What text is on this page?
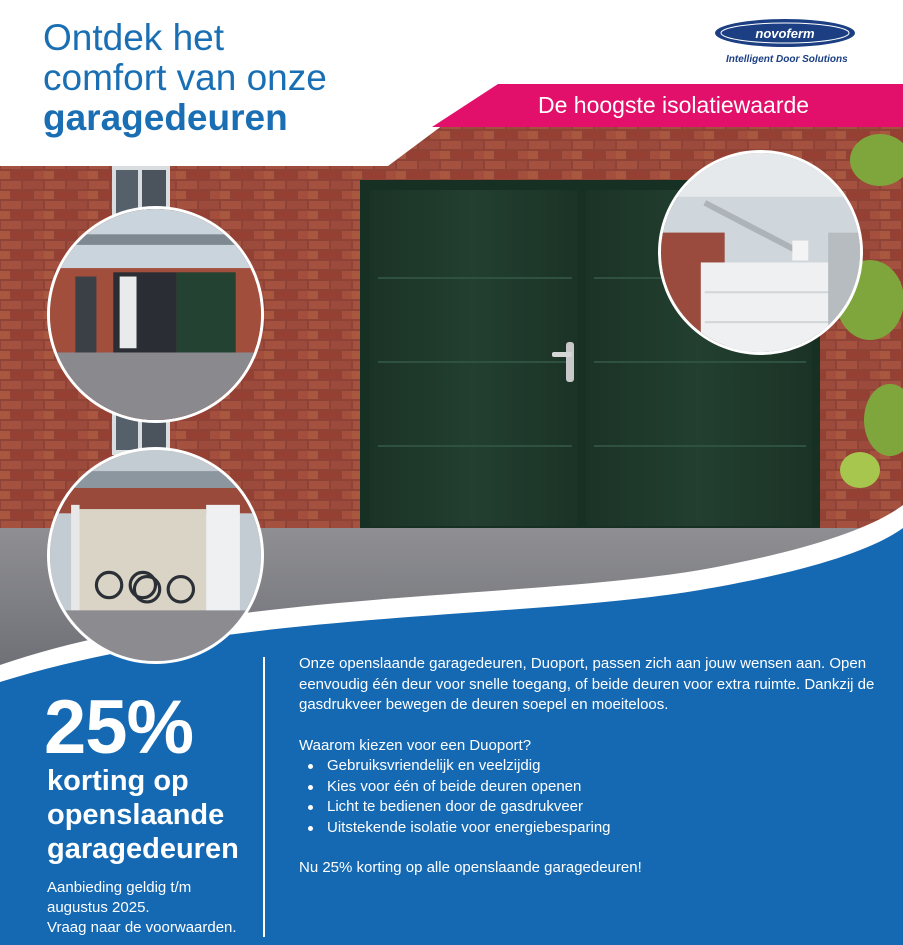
Ontdek het
comfort van onze
garagedeuren
novoferm
Intelligent Door Solutions
De hoogste isolatiewaarde
25%
korting op
openslaande
garagedeuren
Aanbieding geldig t/m
augustus 2025.
Vraag naar de voorwaarden.

Onze openslaande garagedeuren, Duoport, passen zich aan jouw wensen aan. Open eenvoudig één deur voor snelle toegang, of beide deuren voor extra ruimte. Dankzij de gasdrukveer bewegen de deuren soepel en moeiteloos.

Waarom kiezen voor een Duoport?

Gebruiksvriendelijk en veelzijdig
Kies voor één of beide deuren openen
Licht te bedienen door de gasdrukveer
Uitstekende isolatie voor energiebesparing

Nu 25% korting op alle openslaande garagedeuren!
